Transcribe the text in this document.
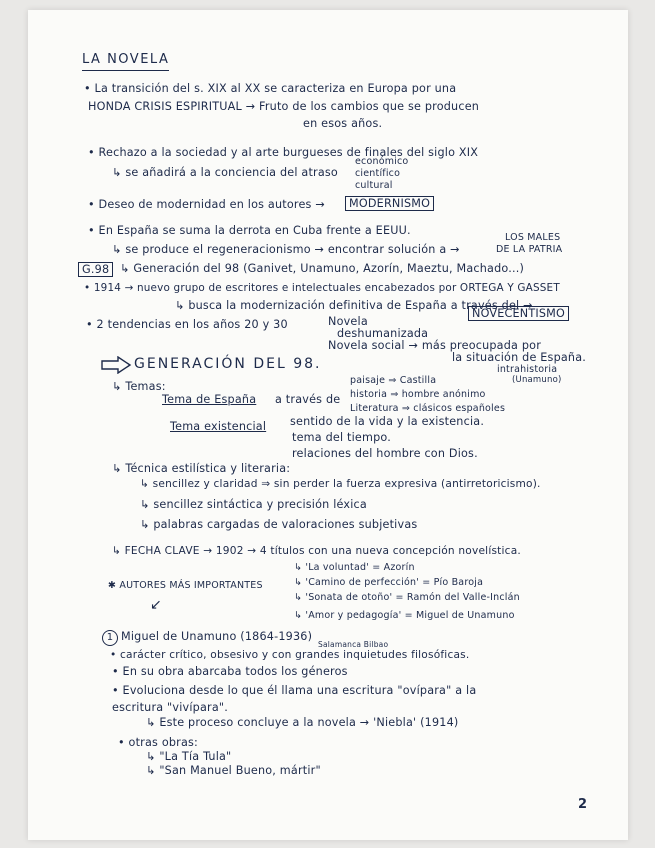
LA NOVELA
• La transición del s. XIX al XX se caracteriza en Europa por una
HONDA CRISIS ESPIRITUAL → Fruto de los cambios que se producen
en esos años.
• Rechazo a la sociedad y al arte burgueses de finales del siglo XIX
↳ se añadirá a la conciencia del atraso
económico
científico
cultural
• Deseo de modernidad en los autores →	MODERNISMO
• En España se suma la derrota en Cuba frente a EEUU.
↳ se produce el regeneracionismo → encontrar solución a →
LOS MALES
DE LA PATRIA
G.98 ↳ Generación del 98 (Ganivet, Unamuno, Azorín, Maeztu, Machado...)
• 1914 → nuevo grupo de escritores e intelectuales encabezados por ORTEGA Y GASSET
↳ busca la modernización definitiva de España a través del →
NOVECENTISMO
• 2 tendencias en los años 20 y 30	Novela
deshumanizada
Novela social → más preocupada por
la situación de España.
GENERACIÓN DEL 98.
↳ Temas:
Tema de España a través de
paisaje ⇒ Castilla
historia ⇒ hombre anónimo
Literatura ⇒ clásicos españoles
intrahistoria
(Unamuno)
Tema existencial sentido de la vida y la existencia.
tema del tiempo.
relaciones del hombre con Dios.
↳ Técnica estilística y literaria:
↳ sencillez y claridad ⇒ sin perder la fuerza expresiva (antirretoricismo).
↳ sencillez sintáctica y precisión léxica
↳ palabras cargadas de valoraciones subjetivas
↳ FECHA CLAVE → 1902 → 4 títulos con una nueva concepción novelística.
✱ AUTORES MÁS IMPORTANTES
↙
↳ 'La voluntad' = Azorín
↳ 'Camino de perfección' = Pío Baroja
↳ 'Sonata de otoño' = Ramón del Valle-Inclán
↳ 'Amor y pedagogía' = Miguel de Unamuno
1 Miguel de Unamuno (1864-1936)
Salamanca Bilbao
• carácter crítico, obsesivo y con grandes inquietudes filosóficas.
• En su obra abarcaba todos los géneros
• Evoluciona desde lo que él llama una escritura "ovípara" a la
escritura "vivípara".
↳ Este proceso concluye a la novela → 'Niebla' (1914)
• otras obras:
↳ "La Tía Tula"
↳ "San Manuel Bueno, mártir"
2
